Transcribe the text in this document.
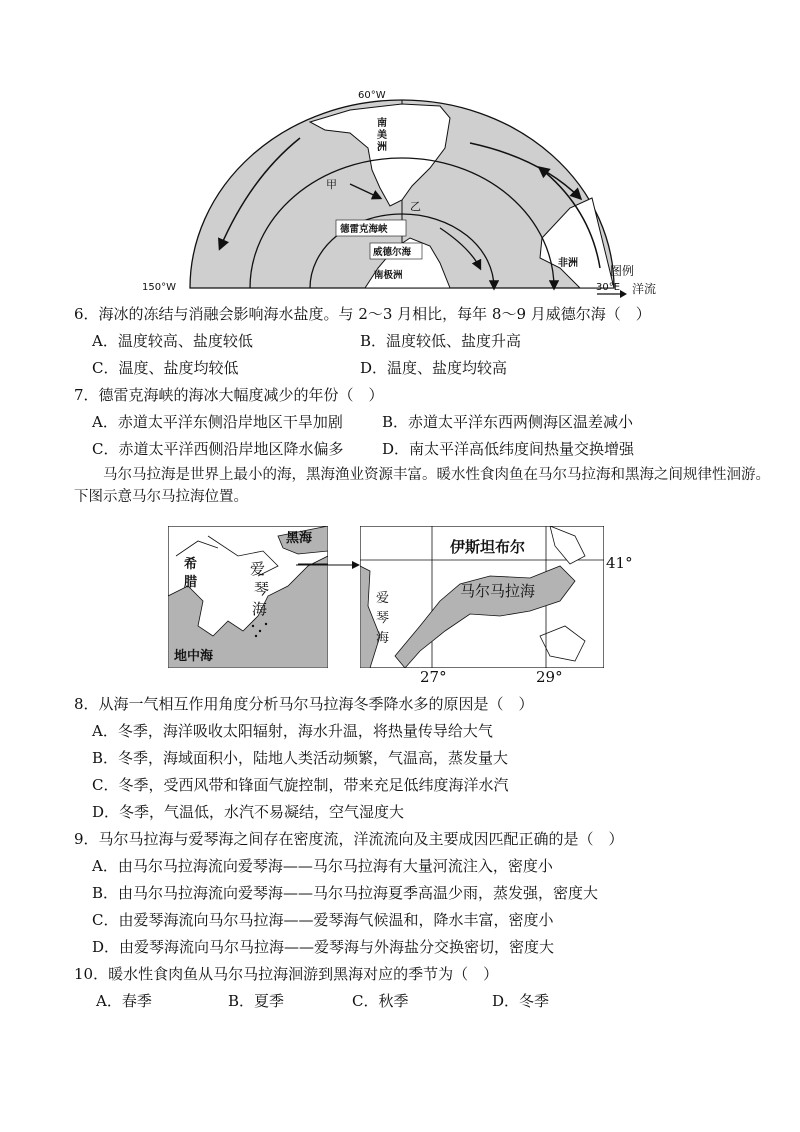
60°W
150°W	30°E
甲
乙
德雷克海峡
威德尔海
南极洲
非洲
南美洲
图例
洋流
6．海冰的冻结与消融会影响海水盐度。与 2～3 月相比，每年 8～9 月威德尔海（　）
A．温度较高、盐度较低	B．温度较低、盐度升高
C．温度、盐度均较低	D．温度、盐度均较高
7．德雷克海峡的海冰大幅度减少的年份（　）
A．赤道太平洋东侧沿岸地区干旱加剧	B．赤道太平洋东西两侧海区温差减小
C．赤道太平洋西侧沿岸地区降水偏多	D．南太平洋高低纬度间热量交换增强
马尔马拉海是世界上最小的海，黑海渔业资源丰富。暖水性食肉鱼在马尔马拉海和黑海之间规律性洄游。下图示意马尔马拉海位置。
黑海
希
腊
爱
琴
海
地中海
伊斯坦布尔
马尔马拉海
爱
琴
海
41°
27°	29°
8．从海一气相互作用角度分析马尔马拉海冬季降水多的原因是（　）
A．冬季，海洋吸收太阳辐射，海水升温，将热量传导给大气
B．冬季，海域面积小，陆地人类活动频繁，气温高，蒸发量大
C．冬季，受西风带和锋面气旋控制，带来充足低纬度海洋水汽
D．冬季，气温低，水汽不易凝结，空气湿度大
9．马尔马拉海与爱琴海之间存在密度流，洋流流向及主要成因匹配正确的是（　）
A．由马尔马拉海流向爱琴海——马尔马拉海有大量河流注入，密度小
B．由马尔马拉海流向爱琴海——马尔马拉海夏季高温少雨，蒸发强，密度大
C．由爱琴海流向马尔马拉海——爱琴海气候温和，降水丰富，密度小
D．由爱琴海流向马尔马拉海——爱琴海与外海盐分交换密切，密度大
10．暖水性食肉鱼从马尔马拉海洄游到黑海对应的季节为（　）
A．春季	B．夏季	C．秋季	D．冬季
